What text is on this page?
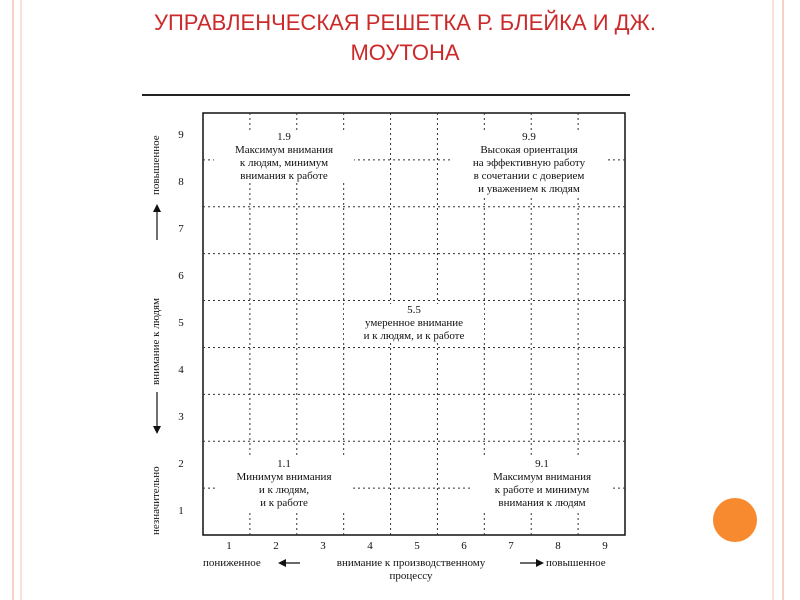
УПРАВЛЕНЧЕСКАЯ РЕШЕТКА Р. БЛЕЙКА И ДЖ.
МОУТОНА
9
8
7
6
5
4
3
2
1
повышенное
внимание к людям
незначительно
1	2	3	4	5	6	7	8	9
пониженное	внимание к производственному
процессу
повышенное
1.9
Максимум внимания
к людям, минимум
внимания к работе
9.9
Высокая ориентация
на эффективную работу
в сочетании с доверием
и уважением к людям
5.5
умеренное внимание
и к людям, и к работе
1.1
Минимум внимания
и к людям,
и к работе
9.1
Максимум внимания
к работе и минимум
внимания к людям
